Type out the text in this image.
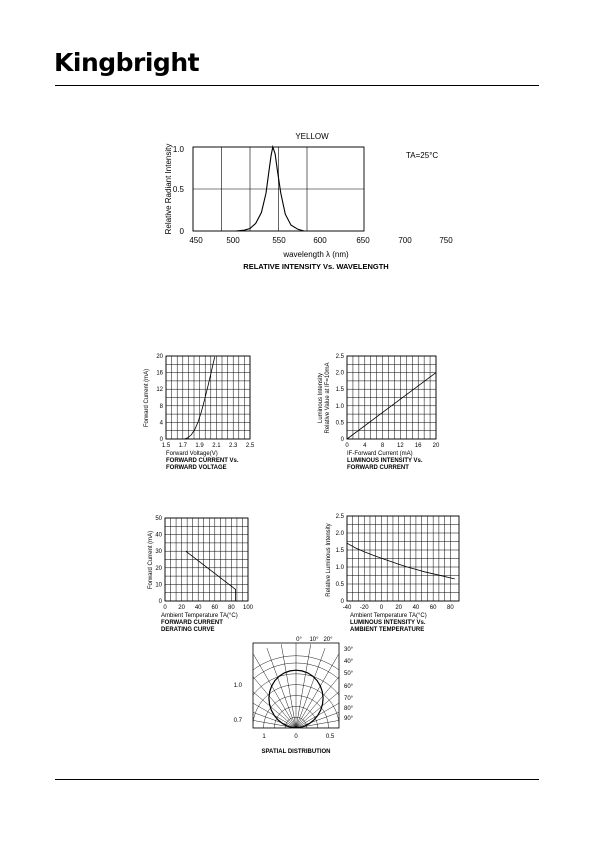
Kingbright
450	500	550	600	650	700	750
0
0.5
1.0
1.5 1.7 1.9 2.1 2.3 2.5
0
4
8
12
16
20
0 4 8 12 16 20
0
0.5
1.0
1.5
2.0
2.5
0 20 40 60 80 100
0
10
20
30
40
50
-40 -20 0 20 40 60 80
0
0.5
1.0
1.5
2.0
2.5
YELLOW
TA=25°C
wavelength λ (nm)
RELATIVE INTENSITY Vs. WAVELENGTH
Relative Radiant Intensity
Forward Voltage(V)
FORWARD CURRENT Vs.
FORWARD VOLTAGE
Forward Current (mA)
IF-Forward Current (mA)
LUMINOUS INTENSITY Vs.
FORWARD CURRENT
Luminous Intensity Relative Value at IF=10mA
Ambient Temperature TA(°C)
FORWARD CURRENT
DERATING CURVE
Forward Current (mA)
Ambient Temperature TA(°C)
LUMINOUS INTENSITY Vs.
AMBIENT TEMPERATURE
Relative Luminous Intensity
0° 10° 20°
30°
40°
50°
60°
70°
80°
90°
1.0
0.7
1	0	0.5
SPATIAL DISTRIBUTION
